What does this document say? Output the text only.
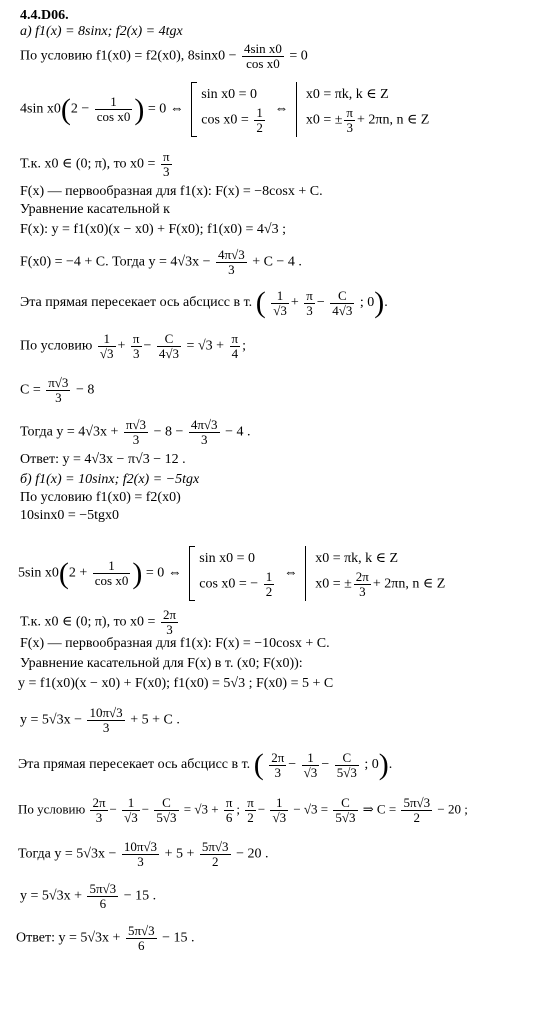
4.4.D06.
а) f1(x) = 8sinx; f2(x) = 4tgx
По условию f1(x0) = f2(x0), $8\sin x0 - \frac{\text{4sin x0}}{\text{cos x0}} = 0$
4sin $x0(2 - \frac{1}{\text{cos x0}}$ ) = 0 ⇔
sin x0 = 0
$\cos x0 = \frac{1}{2}$ ⇔
x0 = πk, k ∈ Z
x0 = ± $\frac{\pi}{3} + 2\pi n$, n ∈ Z
Т.к. x0 ∈ (0; π), то $x0 = \frac{\pi}{3}$
F(x) — первообразная для f1(x): F(x) = −8cosx + C.
Уравнение касательной к
F(x): y = f1(x0)(x − x0) + F(x0); f1(x0) = 4√3 ;
F(x0) = −4 + C. Тогда $y = 4√3x - \frac{4\pi√3}{3} + C - 4$ .
Эта прямая пересекает ось абсцисс в т. ( $\frac{1}{√3} + \frac{\pi}{3} - \frac{C}{4√3}$ ; 0).
По условию $\frac{1}{√3} + \frac{\pi}{3} - \frac{C}{4√3} = √3 + \frac{\pi}{4}$ ;
$C = \frac{\pi√3}{3} - 8$
Тогда $y = 4√3x + \frac{\pi√3}{3} - 8 - \frac{4\pi√3}{3} - 4$ .
Ответ: y = 4√3x − π√3 − 12 .
б) f1(x) = 10sinx; f2(x) = −5tgx
По условию f1(x0) = f2(x0)
10sinx0 = −5tgx0
5sin $x0(2 + \frac{1}{\text{cos x0}}$ ) = 0 ⇔
sin x0 = 0
cos x0 = − $\frac{1}{2}$ ⇔
x0 = πk, k ∈ Z
x0 = ± $\frac{2\pi}{3} + 2\pi n$, n ∈ Z
Т.к. x0 ∈ (0; π), то $x0 = \frac{2\pi}{3}$
F(x) — первообразная для f1(x): F(x) = −10cosx + C.
Уравнение касательной для F(x) в т. (x0; F(x0)):
y = f1(x0)(x − x0) + F(x0); f1(x0) = 5√3 ; F(x0) = 5 + C
$y = 5√3x - \frac{10\pi√3}{3} + 5 + C$ .
Эта прямая пересекает ось абсцисс в т. ( $\frac{2\pi}{3} - \frac{1}{√3} - \frac{C}{5√3}$ ; 0).
По условию $\frac{2\pi}{3} - \frac{1}{√3} - \frac{C}{5√3} = √3 + \frac{\pi}{6}$ ; $\frac{\pi}{2} - \frac{1}{√3} - √3 = \frac{C}{5√3}$ ⇒ $C = \frac{5\pi√3}{2} - 20$ ;
Тогда $y = 5√3x - \frac{10\pi√3}{3} + 5 + \frac{5\pi√3}{2} - 20$ .
$y = 5√3x + \frac{5\pi√3}{6} - 15$ .
Ответ: $y = 5√3x + \frac{5\pi√3}{6} - 15$ .
